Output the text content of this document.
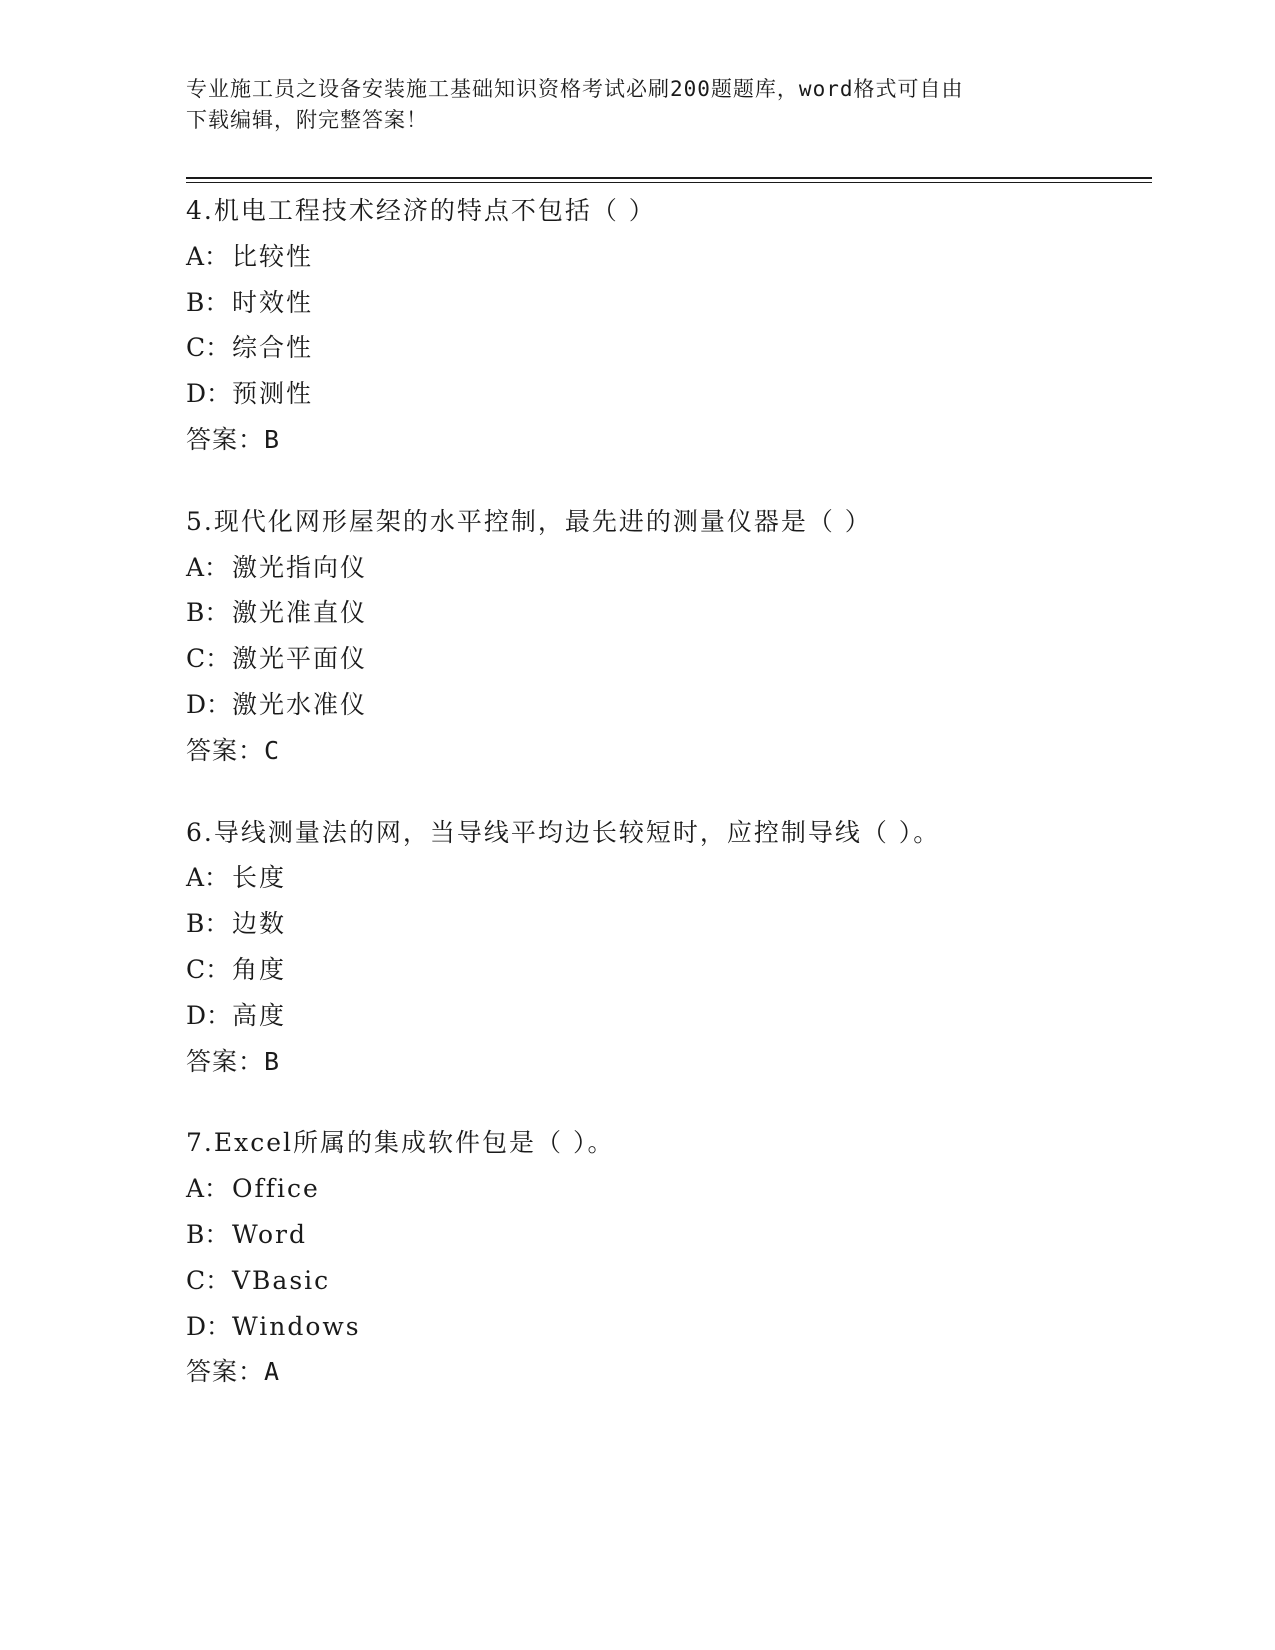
专业施工员之设备安装施工基础知识资格考试必刷200题题库，word格式可自由
下载编辑，附完整答案！
4.机电工程技术经济的特点不包括（ ）
A： 比较性
B： 时效性
C：综合性
D：预测性
答案：B
5.现代化网形屋架的水平控制，最先进的测量仪器是（ ）
A： 激光指向仪
B： 激光准直仪
C：激光平面仪
D：激光水准仪
答案：C
6.导线测量法的网，当导线平均边长较短时，应控制导线（ ）。
A： 长度
B： 边数
C：角度
D：高度
答案：B
7.Excel所属的集成软件包是（ ）。
A： Office
B： Word
C：VBasic
D：Windows
答案：A
